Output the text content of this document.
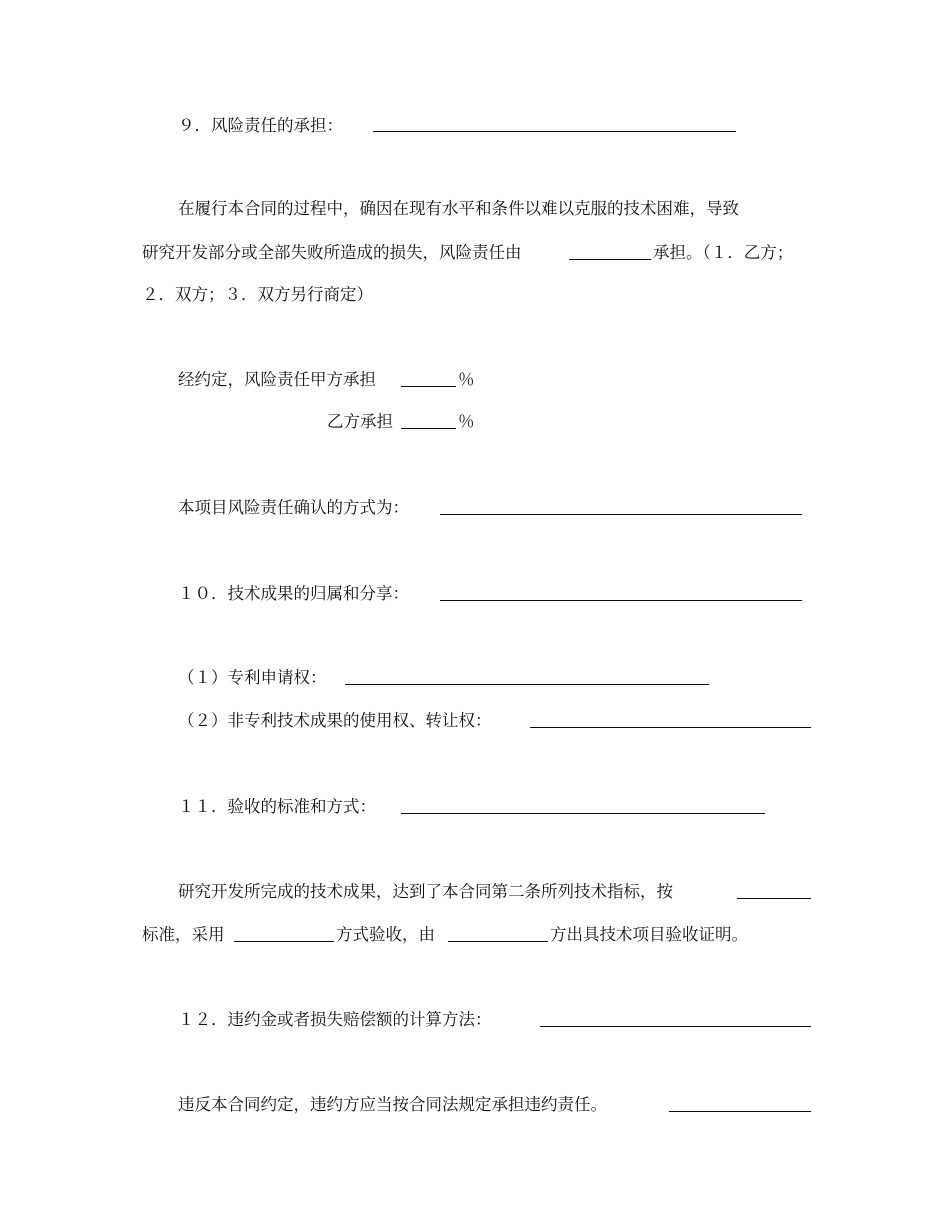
９．风险责任的承担：
在履行本合同的过程中，确因在现有水平和条件以难以克服的技术困难，导致
研究开发部分或全部失败所造成的损失，风险责任由	承担。（１．乙方；
２．双方；３．双方另行商定）
经约定，风险责任甲方承担	％
乙方承担	％
本项目风险责任确认的方式为：
１０．技术成果的归属和分享：
（１）专利申请权：
（２）非专利技术成果的使用权、转让权：
１１．验收的标准和方式：
研究开发所完成的技术成果，达到了本合同第二条所列技术指标，按
标准，采用	方式验收，由	方出具技术项目验收证明。
１２．违约金或者损失赔偿额的计算方法：
违反本合同约定，违约方应当按合同法规定承担违约责任。
